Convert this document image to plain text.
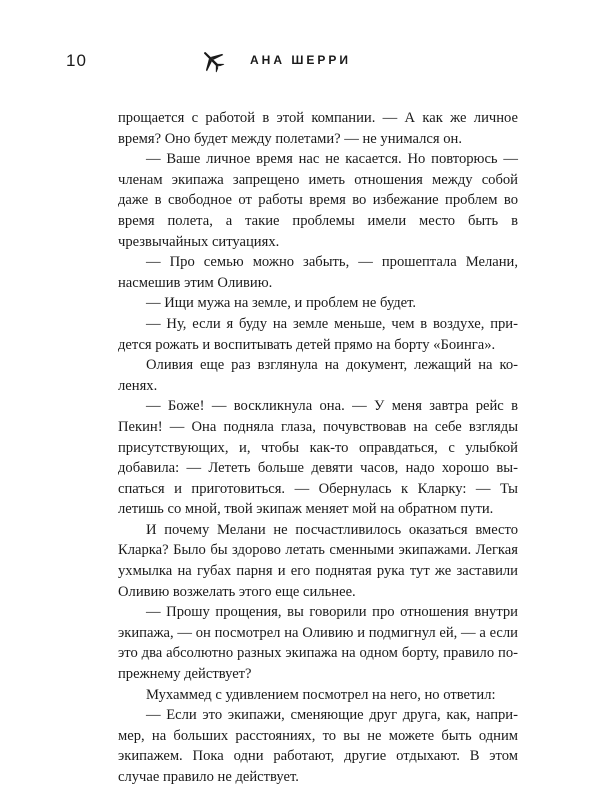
10	АНА ШЕРРИ

прощается с работой в этой компании. — А как же личное время? Оно будет между полетами? — не унимался он.

— Ваше личное время нас не касается. Но повторюсь — членам экипажа запрещено иметь отношения между собой даже в свободное от работы время во избежание проблем во время полета, а такие проблемы имели место быть в чрезвычайных ситуациях.

— Про семью можно забыть, — прошептала Мелани, насмешив этим Оливию.

— Ищи мужа на земле, и проблем не будет.

— Ну, если я буду на земле меньше, чем в воздухе, придется рожать и воспитывать детей прямо на борту «Боинга».

Оливия еще раз взглянула на документ, лежащий на коленях.

— Боже! — воскликнула она. — У меня завтра рейс в Пекин! — Она подняла глаза, почувствовав на себе взгляды присутствующих, и, чтобы как-то оправдаться, с улыбкой добавила: — Лететь больше девяти часов, надо хорошо выспаться и приготовиться. — Обернулась к Кларку: — Ты летишь со мной, твой экипаж меняет мой на обратном пути.

И почему Мелани не посчастливилось оказаться вместо Кларка? Было бы здорово летать сменными экипажами. Легкая ухмылка на губах парня и его поднятая рука тут же заставили Оливию возжелать этого еще сильнее.

— Прошу прощения, вы говорили про отношения внутри экипажа, — он посмотрел на Оливию и подмигнул ей, — а если это два абсолютно разных экипажа на одном борту, правило по-прежнему действует?

Мухаммед с удивлением посмотрел на него, но ответил:

— Если это экипажи, сменяющие друг друга, как, например, на больших расстояниях, то вы не можете быть одним экипажем. Пока одни работают, другие отдыхают. В этом случае правило не действует.
